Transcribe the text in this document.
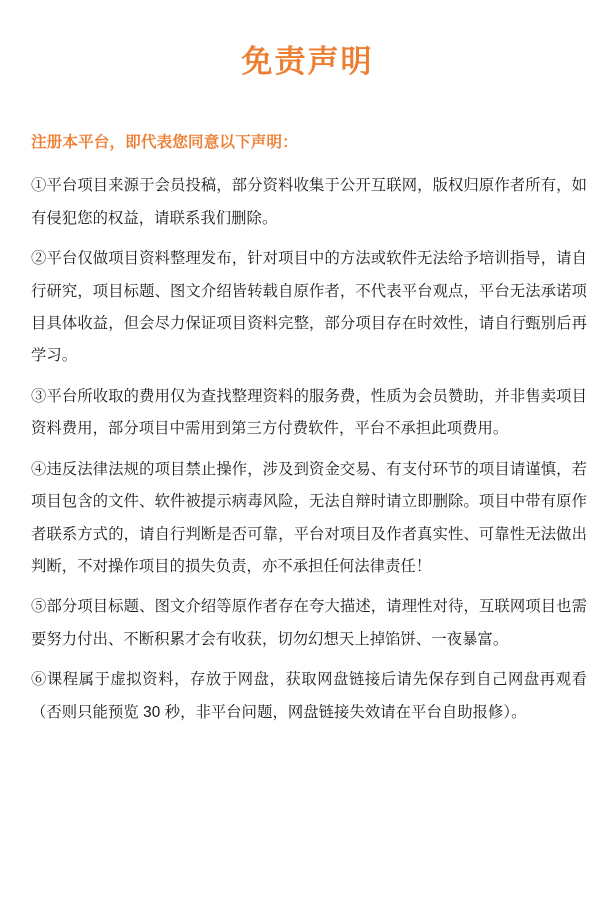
免责声明

注册本平台，即代表您同意以下声明：

①平台项目来源于会员投稿，部分资料收集于公开互联网，版权归原作者所有，如有侵犯您的权益，请联系我们删除。

②平台仅做项目资料整理发布，针对项目中的方法或软件无法给予培训指导，请自行研究，项目标题、图文介绍皆转载自原作者，不代表平台观点，平台无法承诺项目具体收益，但会尽力保证项目资料完整，部分项目存在时效性，请自行甄别后再学习。

③平台所收取的费用仅为查找整理资料的服务费，性质为会员赞助，并非售卖项目资料费用，部分项目中需用到第三方付费软件，平台不承担此项费用。

④违反法律法规的项目禁止操作，涉及到资金交易、有支付环节的项目请谨慎，若项目包含的文件、软件被提示病毒风险，无法自辩时请立即删除。项目中带有原作者联系方式的，请自行判断是否可靠，平台对项目及作者真实性、可靠性无法做出判断，不对操作项目的损失负责，亦不承担任何法律责任！

⑤部分项目标题、图文介绍等原作者存在夸大描述，请理性对待，互联网项目也需要努力付出、不断积累才会有收获，切勿幻想天上掉馅饼、一夜暴富。

⑥课程属于虚拟资料，存放于网盘，获取网盘链接后请先保存到自己网盘再观看（否则只能预览 30 秒，非平台问题，网盘链接失效请在平台自助报修）。
